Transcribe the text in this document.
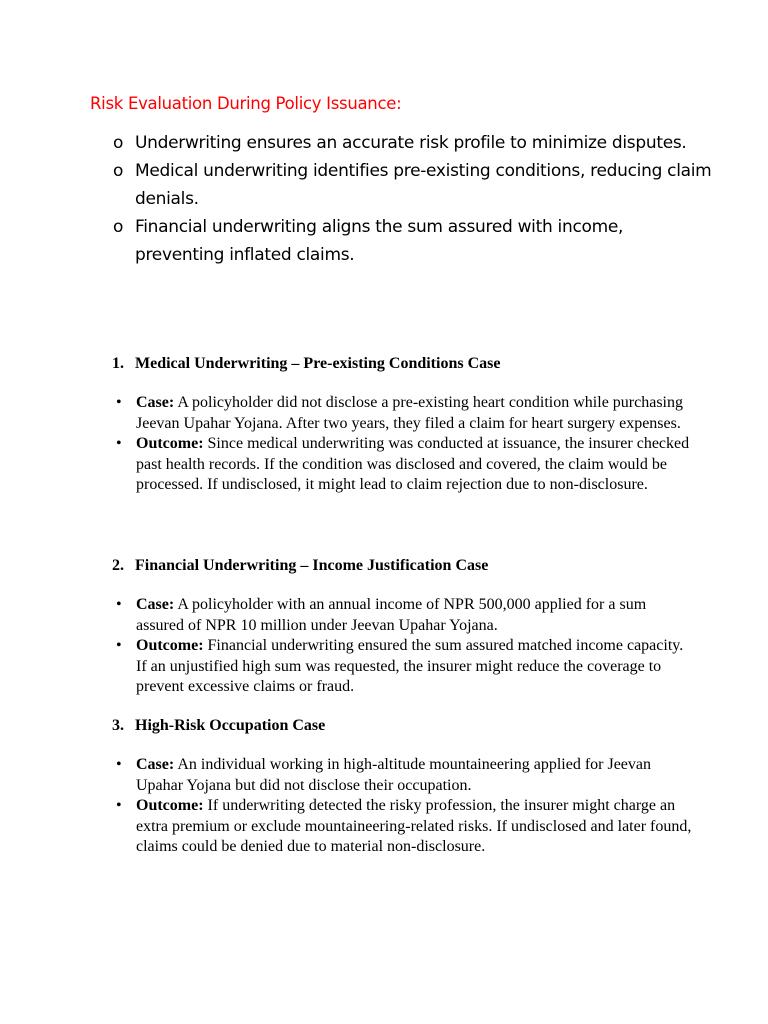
Risk Evaluation During Policy Issuance:
o Underwriting ensures an accurate risk profile to minimize disputes.
o Medical underwriting identifies pre-existing conditions, reducing claim denials.
o Financial underwriting aligns the sum assured with income, preventing inflated claims.

1. Medical Underwriting – Pre-existing Conditions Case

• Case: A policyholder did not disclose a pre-existing heart condition while purchasing Jeevan Upahar Yojana. After two years, they filed a claim for heart surgery expenses.
• Outcome: Since medical underwriting was conducted at issuance, the insurer checked past health records. If the condition was disclosed and covered, the claim would be processed. If undisclosed, it might lead to claim rejection due to non-disclosure.

2. Financial Underwriting – Income Justification Case

• Case: A policyholder with an annual income of NPR 500,000 applied for a sum assured of NPR 10 million under Jeevan Upahar Yojana.
• Outcome: Financial underwriting ensured the sum assured matched income capacity. If an unjustified high sum was requested, the insurer might reduce the coverage to prevent excessive claims or fraud.

3. High-Risk Occupation Case

• Case: An individual working in high-altitude mountaineering applied for Jeevan Upahar Yojana but did not disclose their occupation.
• Outcome: If underwriting detected the risky profession, the insurer might charge an extra premium or exclude mountaineering-related risks. If undisclosed and later found, claims could be denied due to material non-disclosure.
